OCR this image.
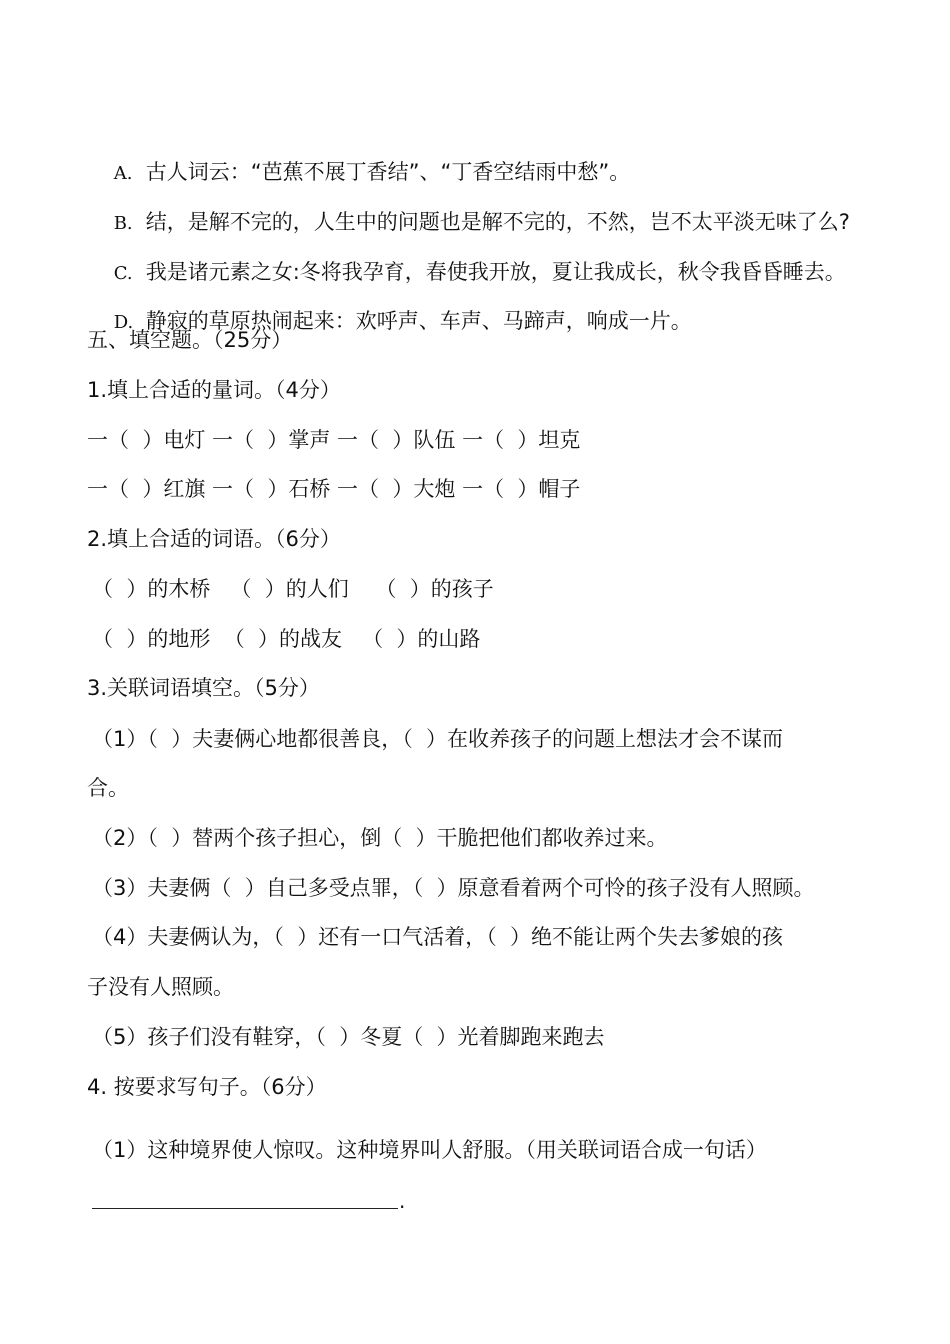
A. 古人词云：“芭蕉不展丁香结”、“丁香空结雨中愁”。

B. 结，是解不完的，人生中的问题也是解不完的，不然，岂不太平淡无味了么?

C. 我是诸元素之女:冬将我孕育，春使我开放，夏让我成长，秋令我昏昏睡去。

D. 静寂的草原热闹起来：欢呼声、车声、马蹄声，响成一片。

五、填空题。（25分）
1.填上合适的量词。（4分）
一（  ）电灯 一（  ）掌声 一（  ）队伍 一（  ）坦克
一（  ）红旗 一（  ）石桥 一（  ）大炮 一（  ）帽子
2.填上合适的词语。（6分）
（  ）的木桥   （  ）的人们    （  ）的孩子
（  ）的地形  （  ）的战友   （  ）的山路
3.关联词语填空。（5分）
（1）（  ）夫妻俩心地都很善良，（  ）在收养孩子的问题上想法才会不谋而
合。
（2）（  ）替两个孩子担心，倒（  ）干脆把他们都收养过来。
（3）夫妻俩（  ）自己多受点罪，（  ）原意看着两个可怜的孩子没有人照顾。
（4）夫妻俩认为，（  ）还有一口气活着，（  ）绝不能让两个失去爹娘的孩
子没有人照顾。
（5）孩子们没有鞋穿，（  ）冬夏（  ）光着脚跑来跑去
4. 按要求写句子。（6分）
（1）这种境界使人惊叹。这种境界叫人舒服。（用关联词语合成一句话）
.
